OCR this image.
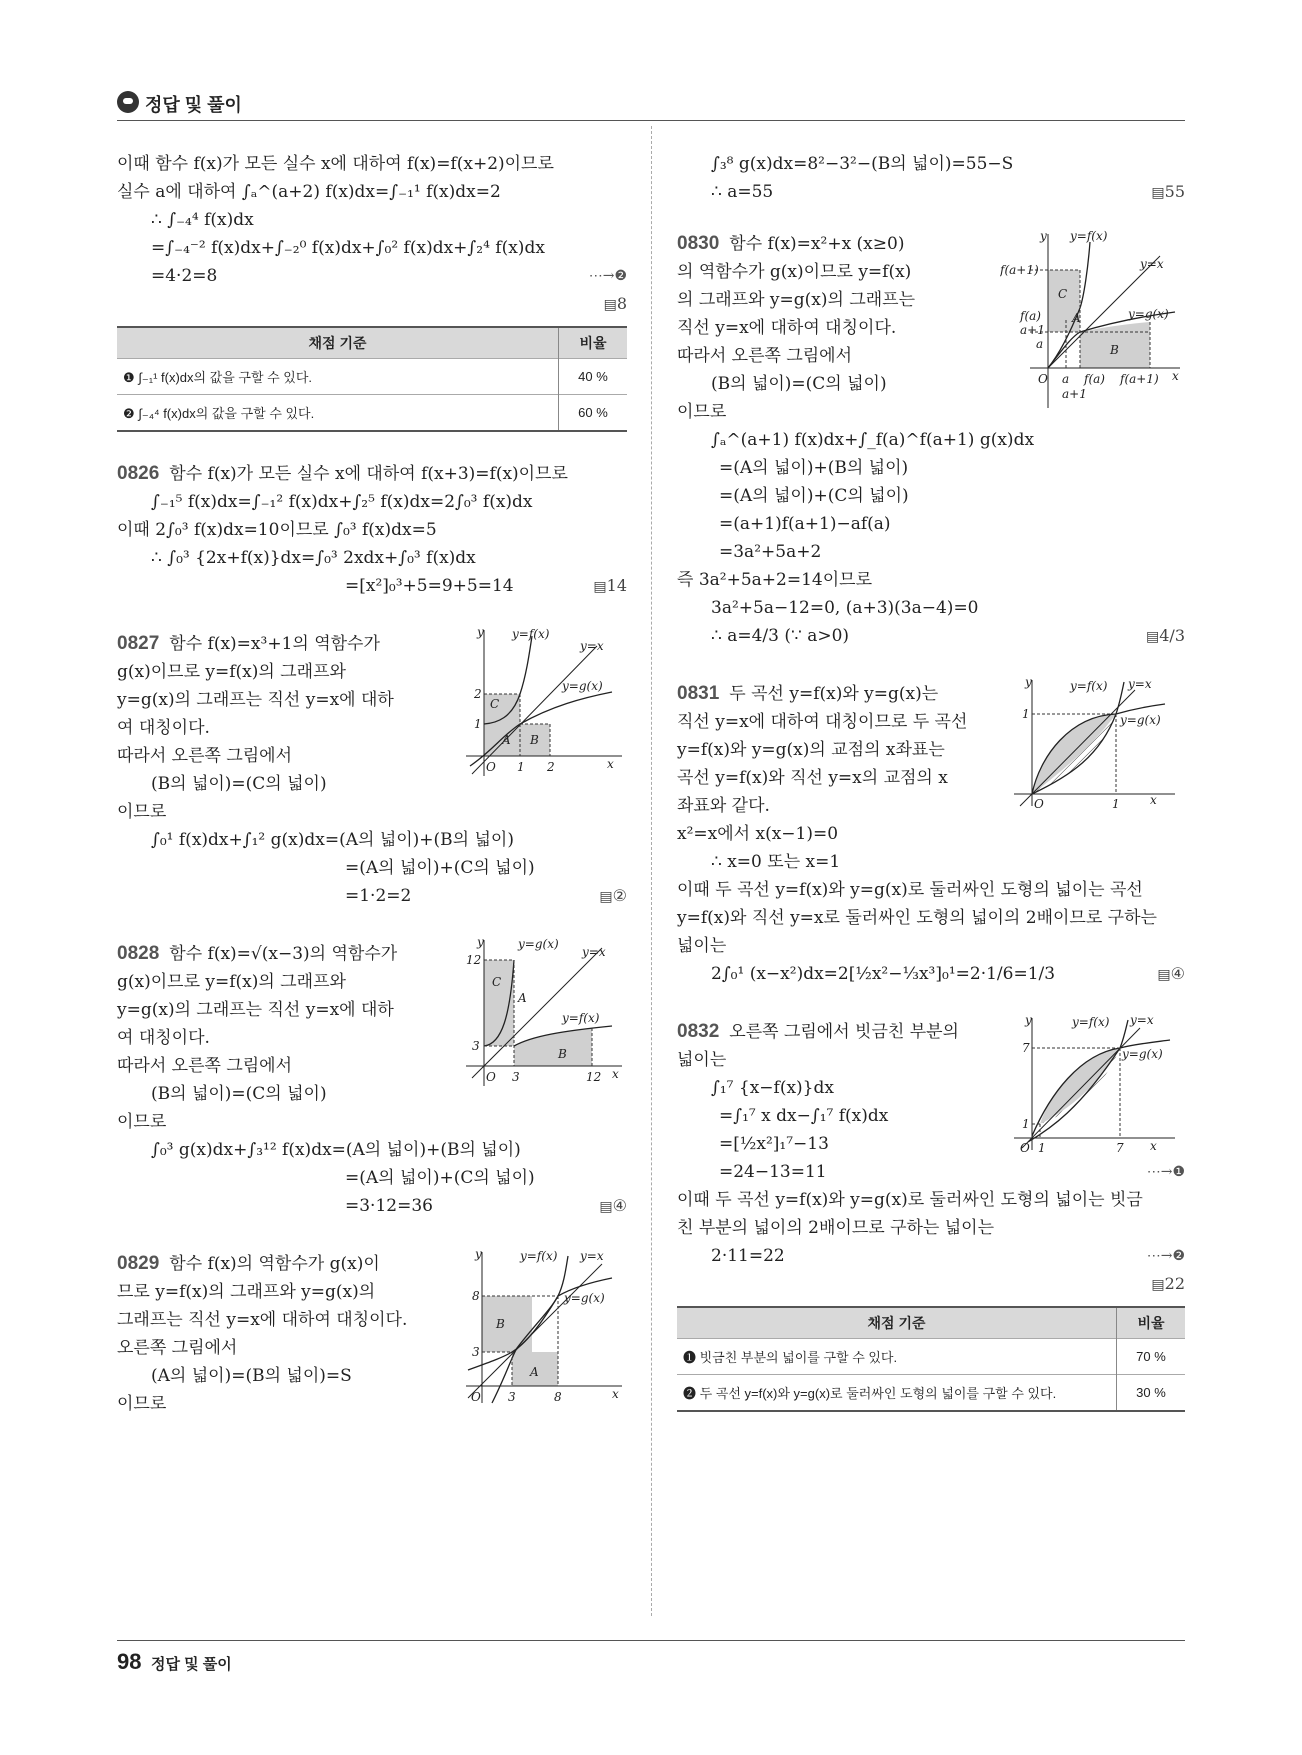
정답 및 풀이
이때 함수 f(x)가 모든 실수 x에 대하여 f(x)=f(x+2)이므로
실수 a에 대하여 ∫ₐ^(a+2) f(x)dx=∫₋₁¹ f(x)dx=2
∴ ∫₋₄⁴ f(x)dx
=∫₋₄⁻² f(x)dx+∫₋₂⁰ f(x)dx+∫₀² f(x)dx+∫₂⁴ f(x)dx
=4·2=8	⋯→ ❷
▤ 8
채점 기준	비율
❶ ∫₋₁¹ f(x)dx의 값을 구할 수 있다.	40 %
❷ ∫₋₄⁴ f(x)dx의 값을 구할 수 있다.	60 %
0826 함수 f(x)가 모든 실수 x에 대하여 f(x+3)=f(x)이므로
∫₋₁⁵ f(x)dx=∫₋₁² f(x)dx+∫₂⁵ f(x)dx=2∫₀³ f(x)dx
이때 2∫₀³ f(x)dx=10이므로 ∫₀³ f(x)dx=5
∴ ∫₀³ {2x+f(x)}dx=∫₀³ 2xdx+∫₀³ f(x)dx
=[x²]₀³+5=9+5=14	▤ 14
y y=f(x)
y=x
y=g(x)
C
A B
2
1
O 1 2	x
0827 함수 f(x)=x³+1의 역함수가
g(x)이므로 y=f(x)의 그래프와
y=g(x)의 그래프는 직선 y=x에 대하
여 대칭이다.
따라서 오른쪽 그림에서
(B의 넓이)=(C의 넓이)
이므로
∫₀¹ f(x)dx+∫₁² g(x)dx=(A의 넓이)+(B의 넓이)
=(A의 넓이)+(C의 넓이)
=1·2=2	▤ ②
y	y=g(x)
y=x
y=f(x)
C
A
B
12
3
O 3	12 x
0828 함수 f(x)=√(x−3)의 역함수가
g(x)이므로 y=f(x)의 그래프와
y=g(x)의 그래프는 직선 y=x에 대하
여 대칭이다.
따라서 오른쪽 그림에서
(B의 넓이)=(C의 넓이)
이므로
∫₀³ g(x)dx+∫₃¹² f(x)dx=(A의 넓이)+(B의 넓이)
=(A의 넓이)+(C의 넓이)
=3·12=36	▤ ④
y	y=f(x) y=x
y=g(x)
B
A
8
3
O 3	8	x
0829 함수 f(x)의 역함수가 g(x)이
므로 y=f(x)의 그래프와 y=g(x)의
그래프는 직선 y=x에 대하여 대칭이다.
오른쪽 그림에서
(A의 넓이)=(B의 넓이)=S
이므로
∫₃⁸ g(x)dx=8²−3²−(B의 넓이)=55−S
∴ a=55	▤ 55
y y=f(x)
y=x
y=g(x)
C
A
B
f(a+1)
f(a)
a+1
a
O a f(a) f(a+1)
a+1
x
0830 함수 f(x)=x²+x (x≥0)
의 역함수가 g(x)이므로 y=f(x)
의 그래프와 y=g(x)의 그래프는
직선 y=x에 대하여 대칭이다.
따라서 오른쪽 그림에서
(B의 넓이)=(C의 넓이)
이므로
∫ₐ^(a+1) f(x)dx+∫_f(a)^f(a+1) g(x)dx
=(A의 넓이)+(B의 넓이)
=(A의 넓이)+(C의 넓이)
=(a+1)f(a+1)−af(a)
=3a²+5a+2
즉 3a²+5a+2=14이므로
3a²+5a−12=0, (a+3)(3a−4)=0
∴ a=4/3 (∵ a>0)	▤ 4/3
y	y=f(x) y=x
y=g(x)
1
O	1	x
0831 두 곡선 y=f(x)와 y=g(x)는
직선 y=x에 대하여 대칭이므로 두 곡선
y=f(x)와 y=g(x)의 교점의 x좌표는
곡선 y=f(x)와 직선 y=x의 교점의 x
좌표와 같다.
x²=x에서 x(x−1)=0
∴ x=0 또는 x=1
이때 두 곡선 y=f(x)와 y=g(x)로 둘러싸인 도형의 넓이는 곡선
y=f(x)와 직선 y=x로 둘러싸인 도형의 넓이의 2배이므로 구하는
넓이는
2∫₀¹ (x−x²)dx=2[½x²−⅓x³]₀¹=2·1/6=1/3	▤ ④
y	y=f(x) y=x
y=g(x)
7
1
O 1	7 x
0832 오른쪽 그림에서 빗금친 부분의
넓이는
∫₁⁷ {x−f(x)}dx
=∫₁⁷ x dx−∫₁⁷ f(x)dx
=[½x²]₁⁷−13
=24−13=11	⋯→ ❶
이때 두 곡선 y=f(x)와 y=g(x)로 둘러싸인 도형의 넓이는 빗금
친 부분의 넓이의 2배이므로 구하는 넓이는
2·11=22	⋯→ ❷
▤ 22
채점 기준	비율
❶ 빗금친 부분의 넓이를 구할 수 있다.	70 %
❷ 두 곡선 y=f(x)와 y=g(x)로 둘러싸인 도형의 넓이를 구할 수 있다.	30 %
98 정답 및 풀이
